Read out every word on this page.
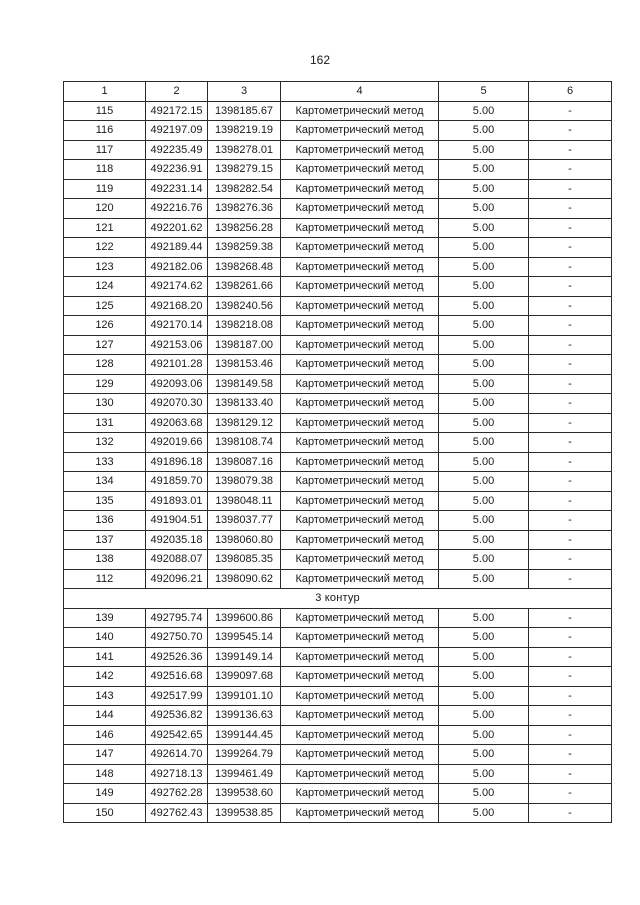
162
1	2	3	4	5	6
115	492172.15	1398185.67	Картометрический метод	5.00	-
116	492197.09	1398219.19	Картометрический метод	5.00	-
117	492235.49	1398278.01	Картометрический метод	5.00	-
118	492236.91	1398279.15	Картометрический метод	5.00	-
119	492231.14	1398282.54	Картометрический метод	5.00	-
120	492216.76	1398276.36	Картометрический метод	5.00	-
121	492201.62	1398256.28	Картометрический метод	5.00	-
122	492189.44	1398259.38	Картометрический метод	5.00	-
123	492182.06	1398268.48	Картометрический метод	5.00	-
124	492174.62	1398261.66	Картометрический метод	5.00	-
125	492168.20	1398240.56	Картометрический метод	5.00	-
126	492170.14	1398218.08	Картометрический метод	5.00	-
127	492153.06	1398187.00	Картометрический метод	5.00	-
128	492101.28	1398153.46	Картометрический метод	5.00	-
129	492093.06	1398149.58	Картометрический метод	5.00	-
130	492070.30	1398133.40	Картометрический метод	5.00	-
131	492063.68	1398129.12	Картометрический метод	5.00	-
132	492019.66	1398108.74	Картометрический метод	5.00	-
133	491896.18	1398087.16	Картометрический метод	5.00	-
134	491859.70	1398079.38	Картометрический метод	5.00	-
135	491893.01	1398048.11	Картометрический метод	5.00	-
136	491904.51	1398037.77	Картометрический метод	5.00	-
137	492035.18	1398060.80	Картометрический метод	5.00	-
138	492088.07	1398085.35	Картометрический метод	5.00	-
112	492096.21	1398090.62	Картометрический метод	5.00	-
3 контур					
139	492795.74	1399600.86	Картометрический метод	5.00	-
140	492750.70	1399545.14	Картометрический метод	5.00	-
141	492526.36	1399149.14	Картометрический метод	5.00	-
142	492516.68	1399097.68	Картометрический метод	5.00	-
143	492517.99	1399101.10	Картометрический метод	5.00	-
144	492536.82	1399136.63	Картометрический метод	5.00	-
146	492542.65	1399144.45	Картометрический метод	5.00	-
147	492614.70	1399264.79	Картометрический метод	5.00	-
148	492718.13	1399461.49	Картометрический метод	5.00	-
149	492762.28	1399538.60	Картометрический метод	5.00	-
150	492762.43	1399538.85	Картометрический метод	5.00	-
